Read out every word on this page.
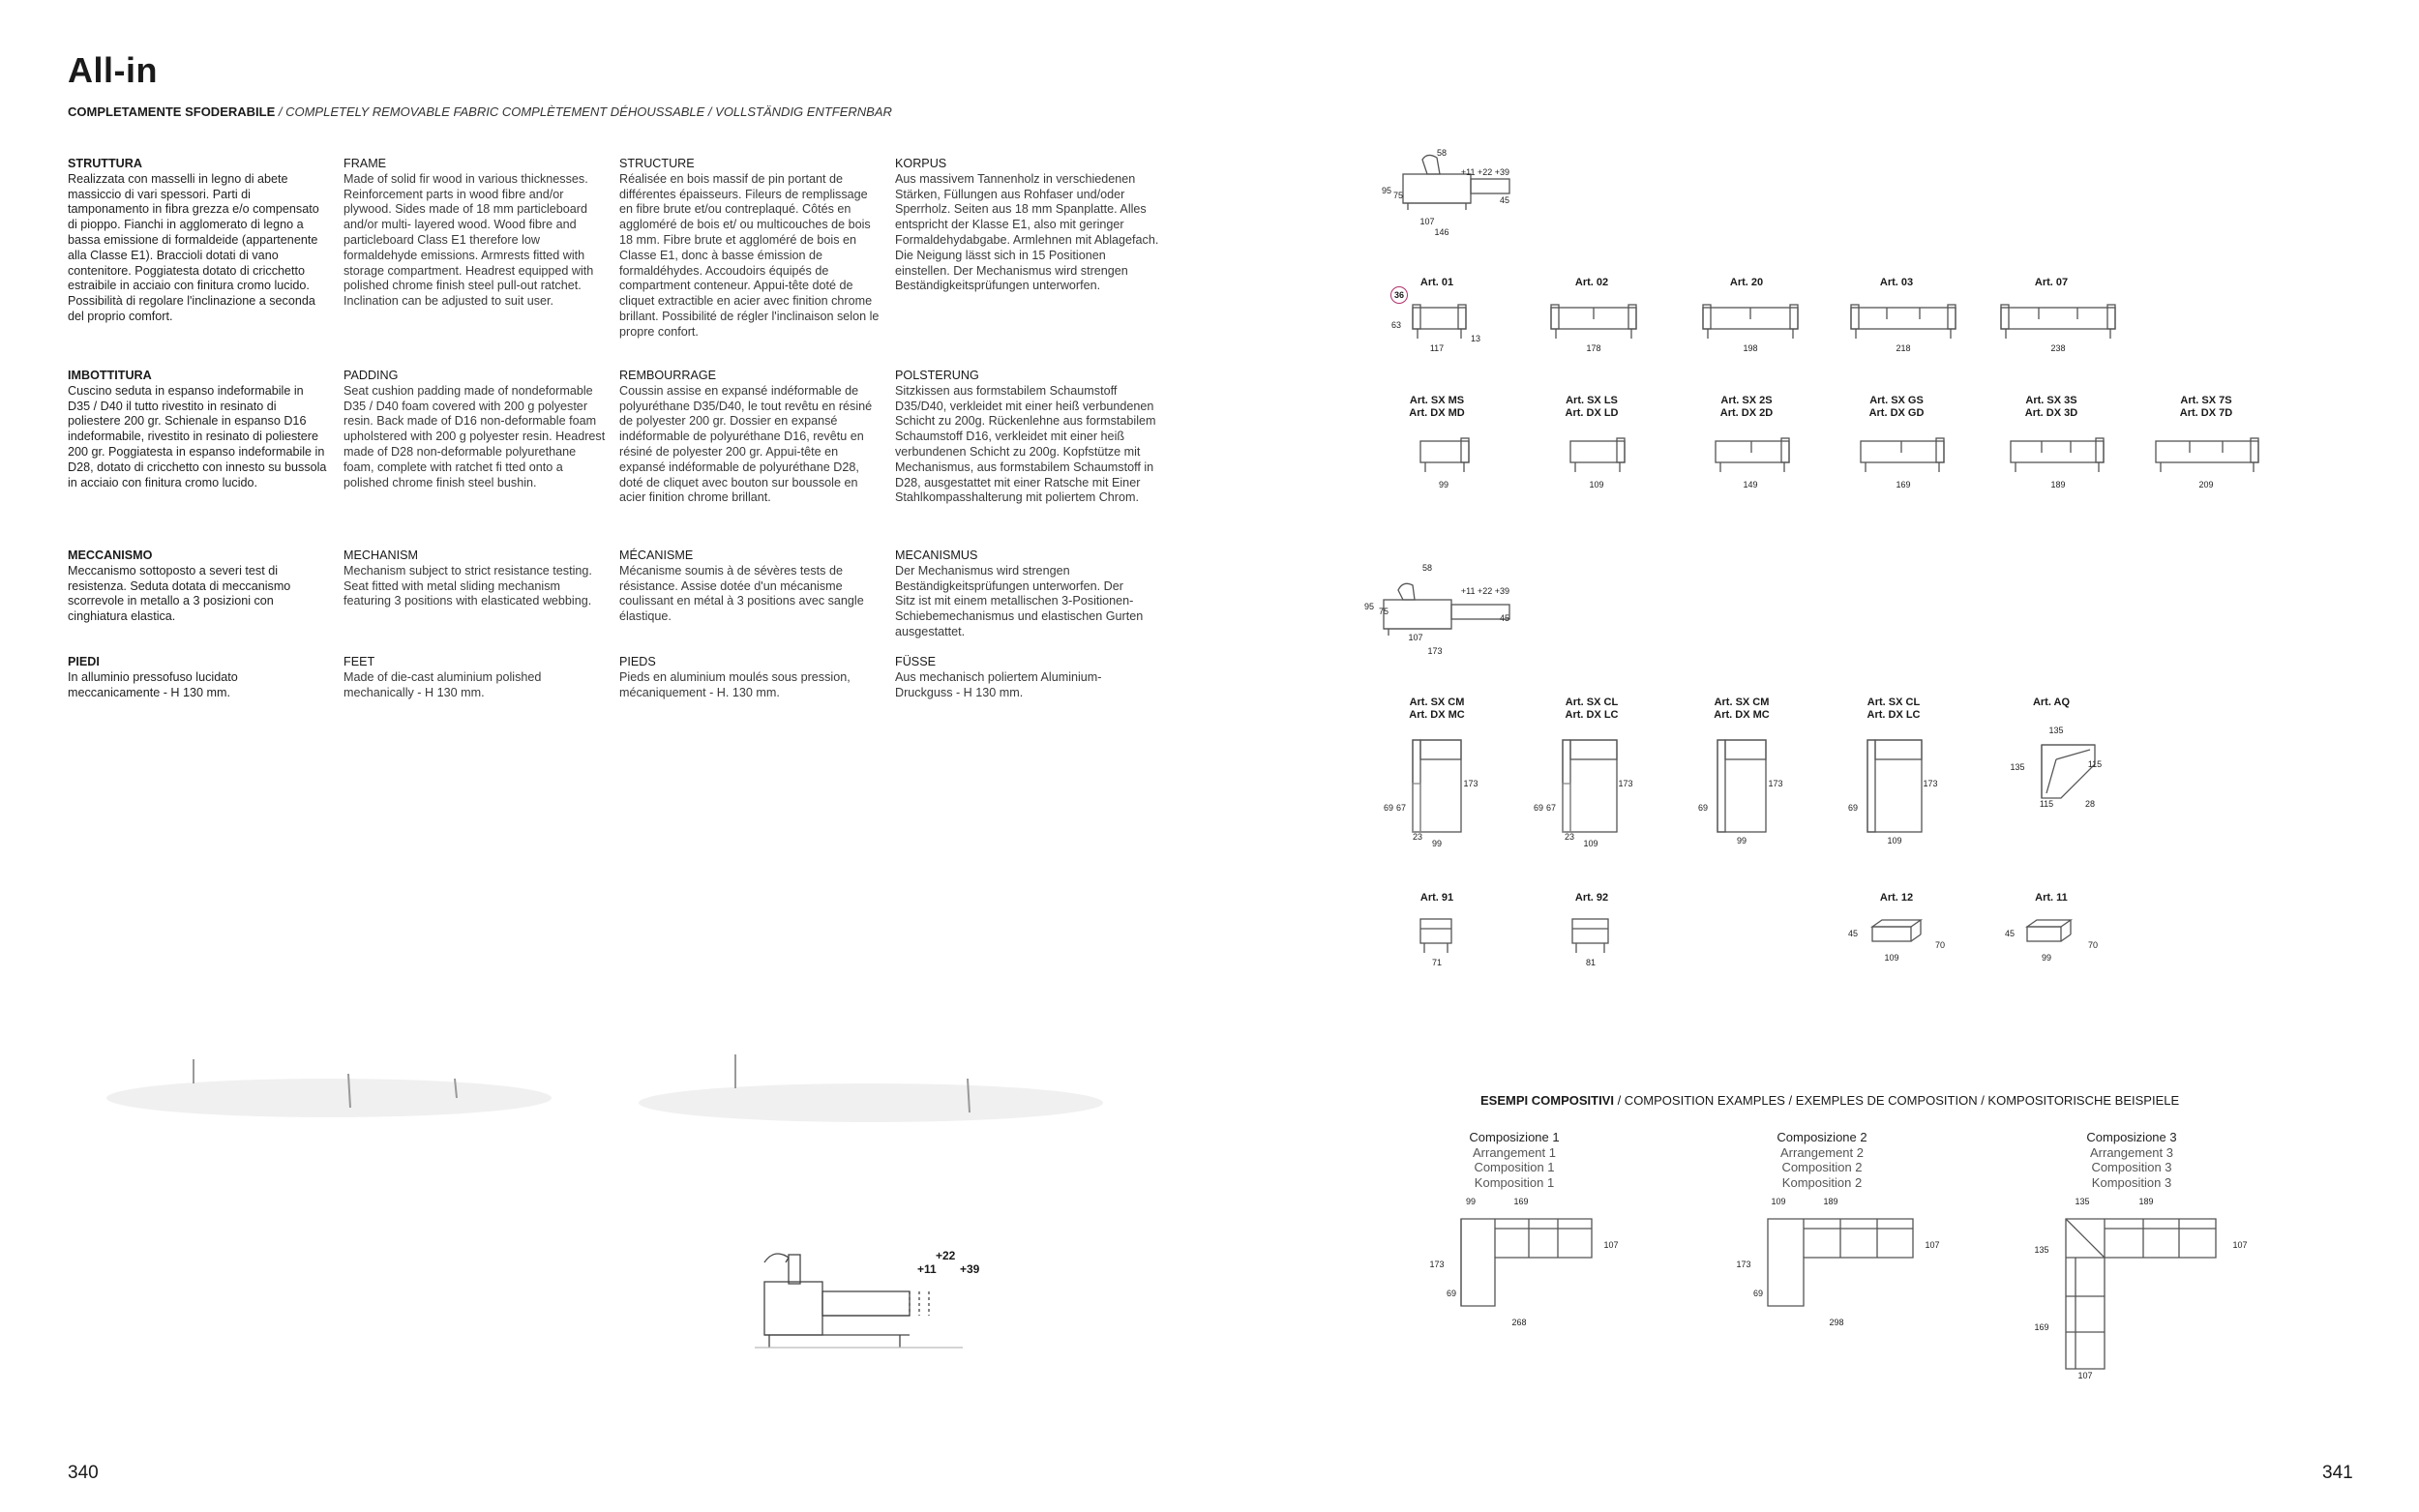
All-in
COMPLETAMENTE SFODERABILE / COMPLETELY REMOVABLE FABRIC COMPLÈTEMENT DÉHOUSSABLE / VOLLSTÄNDIG ENTFERNBAR
STRUTTURA
Realizzata con masselli in legno di abete massiccio di vari spessori. Parti di tamponamento in fibra grezza e/o compensato di pioppo. Fianchi in agglomerato di legno a bassa emissione di formaldeide (appartenente alla Classe E1). Braccioli dotati di vano contenitore. Poggiatesta dotato di cricchetto estraibile in acciaio con finitura cromo lucido. Possibilità di regolare l'inclinazione a seconda del proprio comfort.
FRAME
Made of solid fir wood in various thicknesses. Reinforcement parts in wood fibre and/or plywood. Sides made of 18 mm particleboard and/or multi- layered wood. Wood fibre and particleboard Class E1 therefore low formaldehyde emissions. Armrests fitted with storage compartment. Headrest equipped with polished chrome finish steel pull-out ratchet. Inclination can be adjusted to suit user.
STRUCTURE
Réalisée en bois massif de pin portant de différentes épaisseurs. Fileurs de remplissage en fibre brute et/ou contreplaqué. Côtés en aggloméré de bois et/ ou multicouches de bois 18 mm. Fibre brute et aggloméré de bois en Classe E1, donc à basse émission de formaldéhydes. Accoudoirs équipés de compartment conteneur. Appui-tête doté de cliquet extractible en acier avec finition chrome brillant. Possibilité de régler l'inclinaison selon le propre confort.
KORPUS
Aus massivem Tannenholz in verschiedenen Stärken, Füllungen aus Rohfaser und/oder Sperrholz. Seiten aus 18 mm Spanplatte. Alles entspricht der Klasse E1, also mit geringer Formaldehydabgabe. Armlehnen mit Ablagefach. Die Neigung lässt sich in 15 Positionen einstellen. Der Mechanismus wird strengen Beständigkeitsprüfungen unterworfen.
IMBOTTITURA
Cuscino seduta in espanso indeformabile in D35 / D40 il tutto rivestito in resinato di poliestere 200 gr. Schienale in espanso D16 indeformabile, rivestito in resinato di poliestere 200 gr. Poggiatesta in espanso indeformabile in D28, dotato di cricchetto con innesto su bussola in acciaio con finitura cromo lucido.
PADDING
Seat cushion padding made of nondeformable D35 / D40 foam covered with 200 g polyester resin. Back made of D16 non-deformable foam upholstered with 200 g polyester resin. Headrest made of D28 non-deformable polyurethane foam, complete with ratchet fi tted onto a polished chrome finish steel bushin.
REMBOURRAGE
Coussin assise en expansé indéformable de polyuréthane D35/D40, le tout revêtu en résiné de polyester 200 gr. Dossier en expansé indéformable de polyuréthane D16, revêtu en résiné de polyester 200 gr. Appui-tête en expansé indéformable de polyuréthane D28, doté de cliquet avec bouton sur boussole en acier finition chrome brillant.
POLSTERUNG
Sitzkissen aus formstabilem Schaumstoff D35/D40, verkleidet mit einer heiß verbundenen Schicht zu 200g. Rückenlehne aus formstabilem Schaumstoff D16, verkleidet mit einer heiß verbundenen Schicht zu 200g. Kopfstütze mit Mechanismus, aus formstabilem Schaumstoff in D28, ausgestattet mit einer Ratsche mit Einer Stahlkompasshalterung mit poliertem Chrom.
MECCANISMO
Meccanismo sottoposto a severi test di resistenza. Seduta dotata di meccanismo scorrevole in metallo a 3 posizioni con cinghiatura elastica.
MECHANISM
Mechanism subject to strict resistance testing. Seat fitted with metal sliding mechanism featuring 3 positions with elasticated webbing.
MÉCANISME
Mécanisme soumis à de sévères tests de résistance. Assise dotée d'un mécanisme coulissant en métal à 3 positions avec sangle élastique.
MECANISMUS
Der Mechanismus wird strengen Beständigkeitsprüfungen unterworfen. Der Sitz ist mit einem metallischen 3-Positionen-Schiebemechanismus und elastischen Gurten ausgestattet.
PIEDI
In alluminio pressofuso lucidato meccanicamente - H 130 mm.
FEET
Made of die-cast aluminium polished mechanically - H 130 mm.
PIEDS
Pieds en aluminium moulés sous pression, mécaniquement - H. 130 mm.
FÜSSE
Aus mechanisch poliertem Aluminium-Druckguss - H 130 mm.
+22
+11 +39
340	341
58
+11 +22 +39
95 75	45
107
146
Art. 01	Art. 02	Art. 20	Art. 03	Art. 07
36
63
13
117	178	198	218	238
Art. SX MS
Art. DX MD
Art. SX LS
Art. DX LD
Art. SX 2S
Art. DX 2D
Art. SX GS
Art. DX GD
Art. SX 3S
Art. DX 3D
Art. SX 7S
Art. DX 7D
99	109	149	169	189	209
58
+11 +22 +39
95 75
45
107
173
Art. SX CM
Art. DX MC
Art. SX CL
Art. DX LC
Art. SX CM
Art. DX MC
Art. SX CL
Art. DX LC
Art. AQ
173
69 67
23
99
173
69 67
23
109
173
69
99
173
69
109
135
135	115
115	28
Art. 91	Art. 92	Art. 12	Art. 11
71	81
45
70
109
45
70
99
ESEMPI COMPOSITIVI / COMPOSITION EXAMPLES / EXEMPLES DE COMPOSITION / KOMPOSITORISCHE BEISPIELE
Composizione 1
Arrangement 1
Composition 1
Komposition 1
Composizione 2
Arrangement 2
Composition 2
Komposition 2
Composizione 3
Arrangement 3
Composition 3
Komposition 3
99	169
173
107
69
268
109	189
173
107
69
298
135	189
135	107
169
107
